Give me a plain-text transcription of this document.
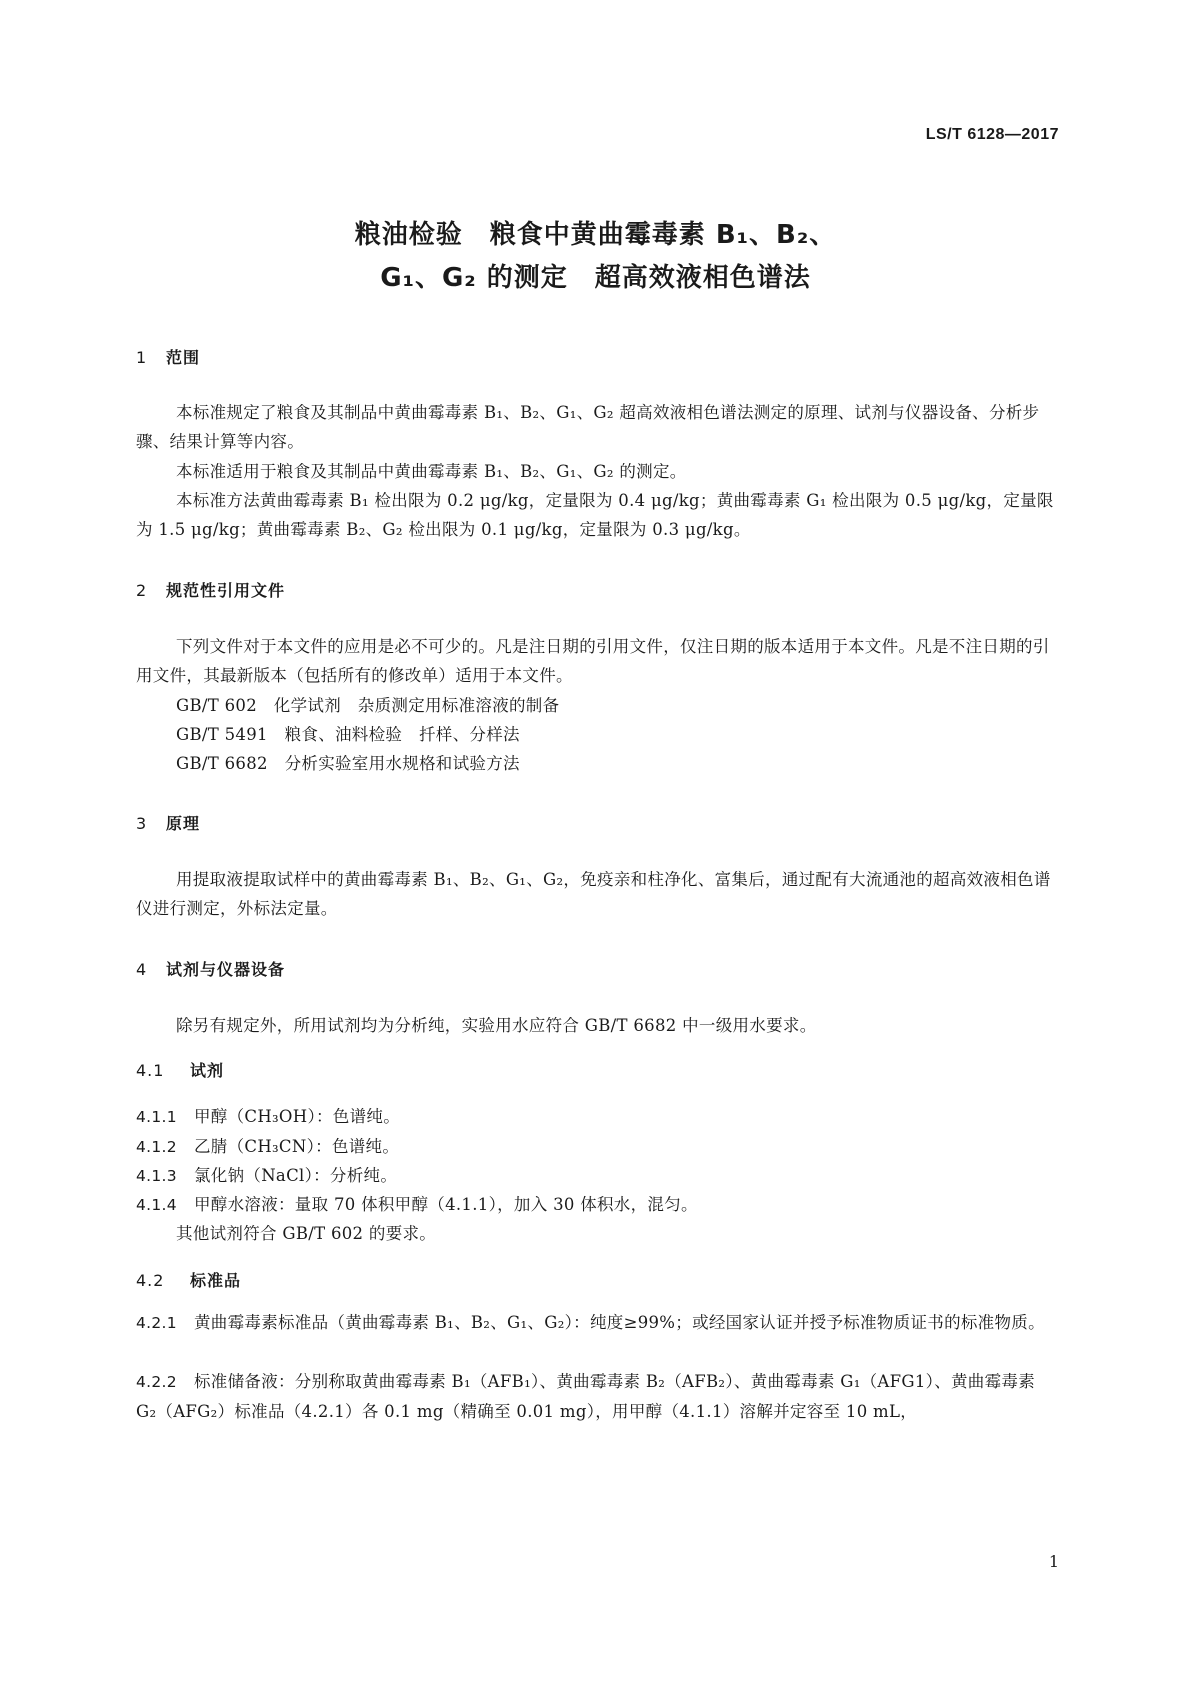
LS/T 6128—2017
粮油检验　粮食中黄曲霉毒素 B₁、B₂、
G₁、G₂ 的测定　超高效液相色谱法
1 范围
本标准规定了粮食及其制品中黄曲霉毒素 B₁、B₂、G₁、G₂ 超高效液相色谱法测定的原理、试剂与仪器设备、分析步骤、结果计算等内容。
本标准适用于粮食及其制品中黄曲霉毒素 B₁、B₂、G₁、G₂ 的测定。
本标准方法黄曲霉毒素 B₁ 检出限为 0.2 μg/kg，定量限为 0.4 μg/kg；黄曲霉毒素 G₁ 检出限为 0.5 μg/kg，定量限为 1.5 μg/kg；黄曲霉毒素 B₂、G₂ 检出限为 0.1 μg/kg，定量限为 0.3 μg/kg。
2 规范性引用文件
下列文件对于本文件的应用是必不可少的。凡是注日期的引用文件，仅注日期的版本适用于本文件。凡是不注日期的引用文件，其最新版本（包括所有的修改单）适用于本文件。
GB/T 602　化学试剂　杂质测定用标准溶液的制备
GB/T 5491　粮食、油料检验　扦样、分样法
GB/T 6682　分析实验室用水规格和试验方法
3 原理
用提取液提取试样中的黄曲霉毒素 B₁、B₂、G₁、G₂，免疫亲和柱净化、富集后，通过配有大流通池的超高效液相色谱仪进行测定，外标法定量。
4 试剂与仪器设备
除另有规定外，所用试剂均为分析纯，实验用水应符合 GB/T 6682 中一级用水要求。
4.1 试剂
4.1.1 甲醇（CH₃OH）：色谱纯。
4.1.2 乙腈（CH₃CN）：色谱纯。
4.1.3 氯化钠（NaCl）：分析纯。
4.1.4 甲醇水溶液：量取 70 体积甲醇（4.1.1），加入 30 体积水，混匀。
其他试剂符合 GB/T 602 的要求。
4.2 标准品
4.2.1 黄曲霉毒素标准品（黄曲霉毒素 B₁、B₂、G₁、G₂）：纯度≥99%；或经国家认证并授予标准物质证书的标准物质。
4.2.2 标准储备液：分别称取黄曲霉毒素 B₁（AFB₁）、黄曲霉毒素 B₂（AFB₂）、黄曲霉毒素 G₁（AFG1）、黄曲霉毒素 G₂（AFG₂）标准品（4.2.1）各 0.1 mg（精确至 0.01 mg），用甲醇（4.1.1）溶解并定容至 10 mL，
1
